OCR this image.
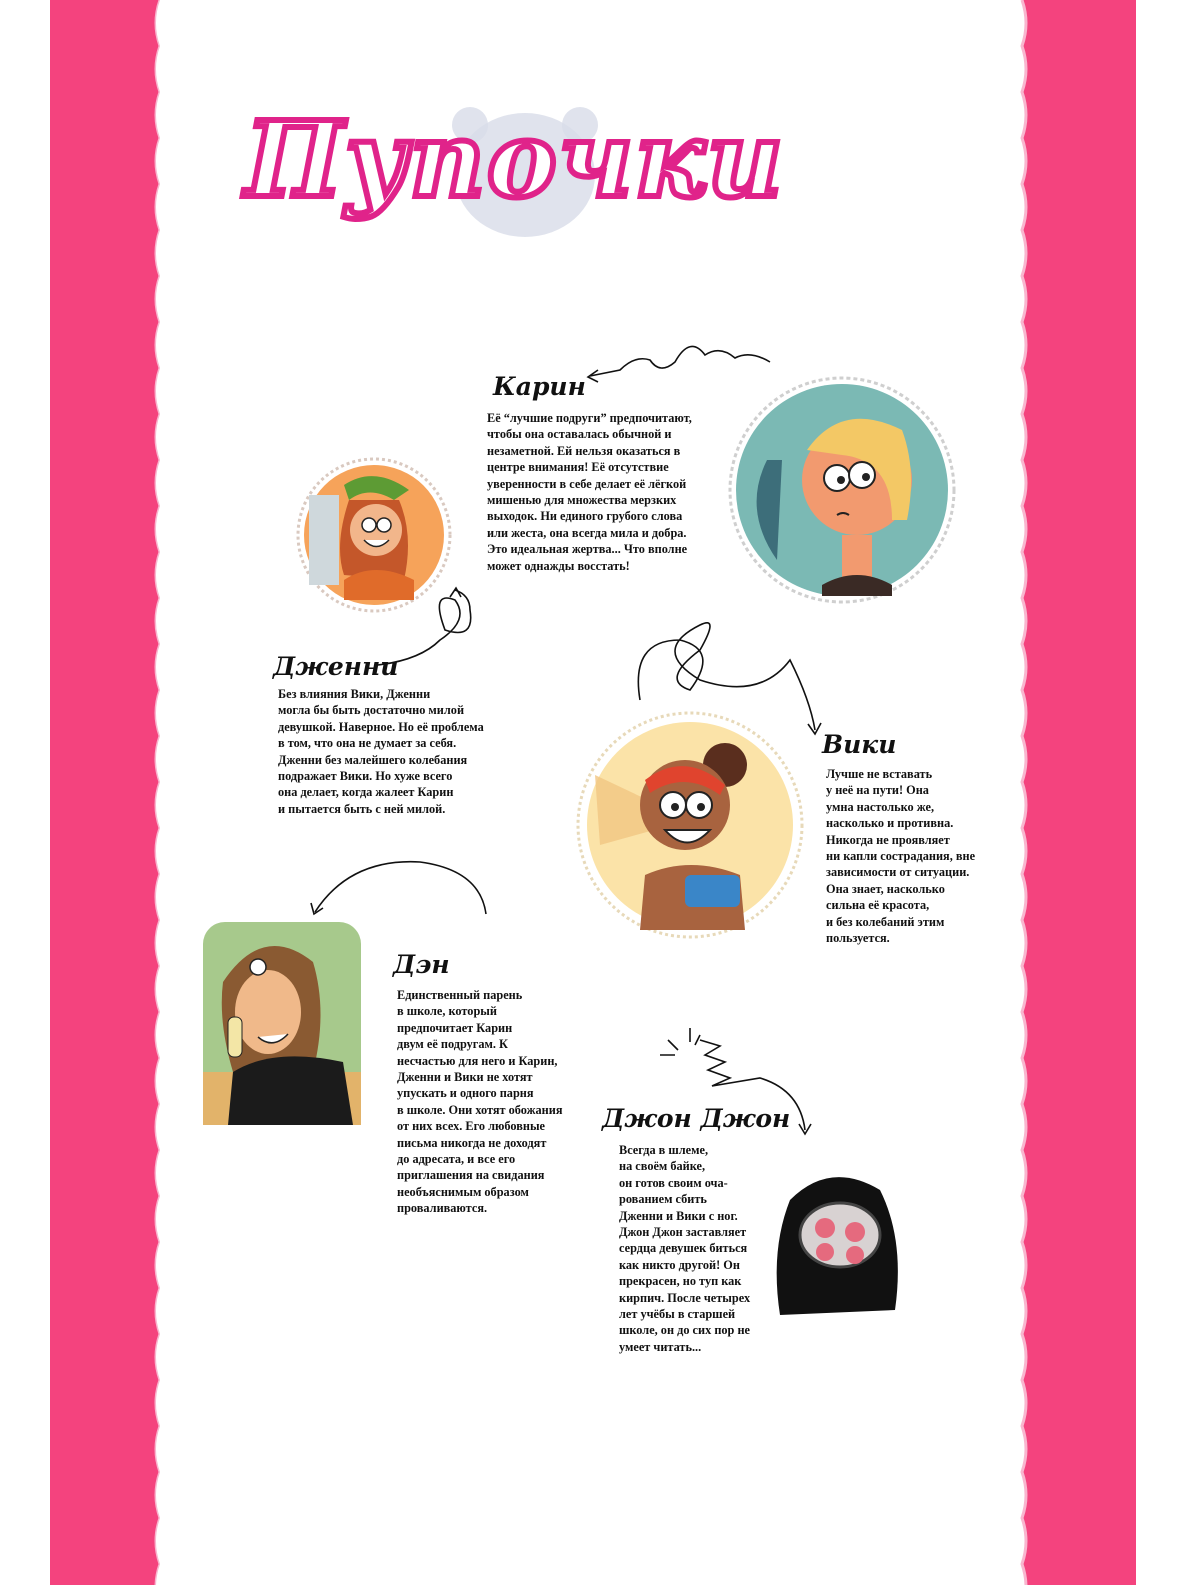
Пупочки
Карин

Её “лучшие подруги” предпочитают,
чтобы она оставалась обычной и
незаметной. Ей нельзя оказаться в
центре внимания! Её отсутствие
уверенности в себе делает её лёгкой
мишенью для множества мерзких
выходок. Ни единого грубого слова
или жеста, она всегда мила и добра.
Это идеальная жертва... Что вполне
может однажды восстать!

Дженни

Без влияния Вики, Дженни
могла бы быть достаточно милой
девушкой. Наверное. Но её проблема
в том, что она не думает за себя.
Дженни без малейшего колебания
подражает Вики. Но хуже всего
она делает, когда жалеет Карин
и пытается быть с ней милой.

Вики

Лучше не вставать
у неё на пути! Она
умна настолько же,
насколько и противна.
Никогда не проявляет
ни капли сострадания, вне
зависимости от ситуации.
Она знает, насколько
сильна её красота,
и без колебаний этим
пользуется.

Дэн

Единственный парень
в школе, который
предпочитает Карин
двум её подругам. К
несчастью для него и Карин,
Дженни и Вики не хотят
упускать и одного парня
в школе. Они хотят обожания
от них всех. Его любовные
письма никогда не доходят
до адресата, и все его
приглашения на свидания
необъяснимым образом
проваливаются.

Джон Джон

Всегда в шлеме,
на своём байке,
он готов своим оча-
рованием сбить
Дженни и Вики с ног.
Джон Джон заставляет
сердца девушек биться
как никто другой! Он
прекрасен, но туп как
кирпич. После четырех
лет учёбы в старшей
школе, он до сих пор не
умеет читать...
